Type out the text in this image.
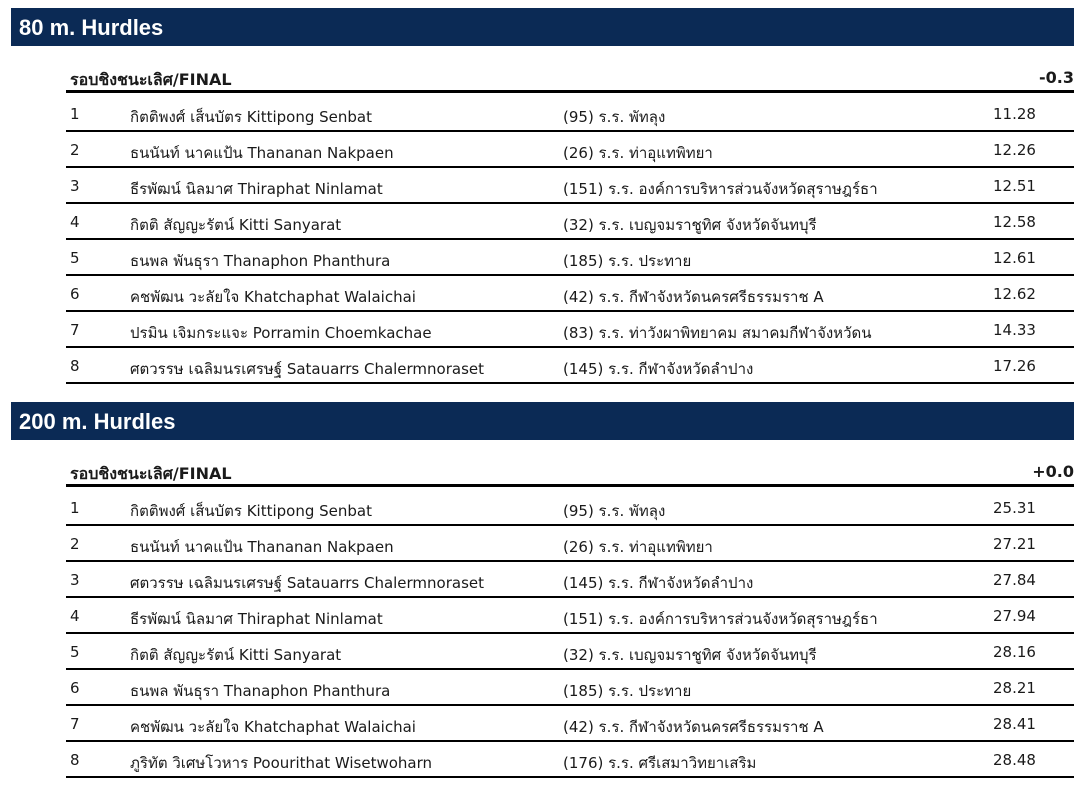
80 m. Hurdles
รอบชิงชนะเลิศ/FINAL	-0.3
1	กิตติพงศ์ เส็นบัตร Kittipong Senbat	(95) ร.ร. พัทลุง	11.28
2	ธนนันท์ นาคแป้น Thananan Nakpaen	(26) ร.ร. ท่าอุแทพิทยา	12.26
3	ธีรพัฒน์ นิลมาศ Thiraphat Ninlamat	(151) ร.ร. องค์การบริหารส่วนจังหวัดสุราษฎร์ธา	12.51
4	กิตติ สัญญะรัตน์ Kitti Sanyarat	(32) ร.ร. เบญจมราชูทิศ จังหวัดจันทบุรี	12.58
5	ธนพล พันธุรา Thanaphon Phanthura	(185) ร.ร. ประทาย	12.61
6	คชพัฒน วะลัยใจ Khatchaphat Walaichai	(42) ร.ร. กีฬาจังหวัดนครศรีธรรมราช A	12.62
7	ปรมิน เจิมกระแจะ Porramin Choemkachae	(83) ร.ร. ท่าวังผาพิทยาคม สมาคมกีฬาจังหวัดน	14.33
8	ศตวรรษ เฉลิมนรเศรษฐ์ Satauarrs Chalermnoraset	(145) ร.ร. กีฬาจังหวัดลำปาง	17.26
200 m. Hurdles
รอบชิงชนะเลิศ/FINAL	+0.0
1	กิตติพงศ์ เส็นบัตร Kittipong Senbat	(95) ร.ร. พัทลุง	25.31
2	ธนนันท์ นาคแป้น Thananan Nakpaen	(26) ร.ร. ท่าอุแทพิทยา	27.21
3	ศตวรรษ เฉลิมนรเศรษฐ์ Satauarrs Chalermnoraset	(145) ร.ร. กีฬาจังหวัดลำปาง	27.84
4	ธีรพัฒน์ นิลมาศ Thiraphat Ninlamat	(151) ร.ร. องค์การบริหารส่วนจังหวัดสุราษฎร์ธา	27.94
5	กิตติ สัญญะรัตน์ Kitti Sanyarat	(32) ร.ร. เบญจมราชูทิศ จังหวัดจันทบุรี	28.16
6	ธนพล พันธุรา Thanaphon Phanthura	(185) ร.ร. ประทาย	28.21
7	คชพัฒน วะลัยใจ Khatchaphat Walaichai	(42) ร.ร. กีฬาจังหวัดนครศรีธรรมราช A	28.41
8	ภูริทัต วิเศษโวหาร Poourithat Wisetwoharn	(176) ร.ร. ศรีเสมาวิทยาเสริม	28.48
